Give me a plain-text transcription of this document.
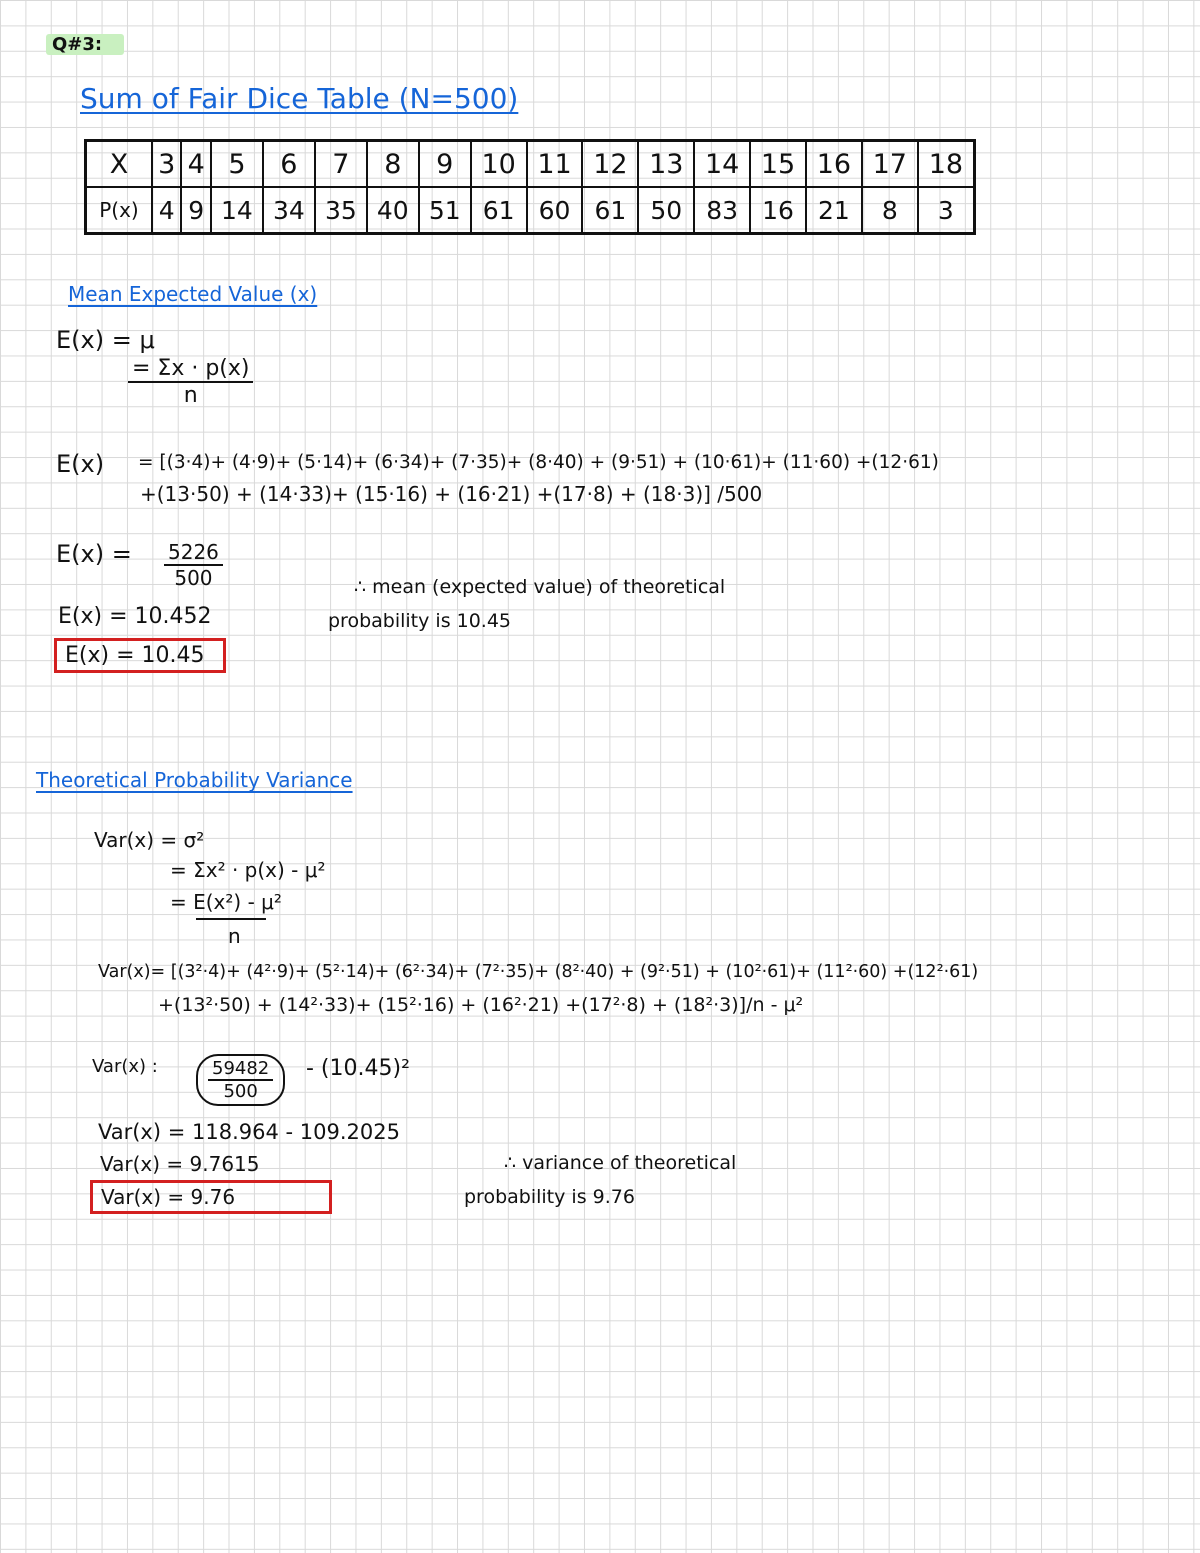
Q#3:
Sum of Fair Dice Table (N=500)
X	3	4	5	6	7	8	9	10	11	12	13	14	15	16	17	18
P(x)	4	9	14	34	35	40	51	61	60	61	50	83	16	21	8	3
Mean Expected Value (x)
E(x) = μ
$\frac{= \Sigma x \cdot p(x)}{n}$
E(x) = [(3·4)+ (4·9)+ (5·14)+ (6·34)+ (7·35)+ (8·40) + (9·51) + (10·61)+ (11·60) +(12·61)
+(13·50) + (14·33)+ (15·16) + (16·21) +(17·8) + (18·3)] /500
$E(x) = \frac{5226}{500}$
E(x) = 10.452
E(x) = 10.45
∴ mean (expected value) of theoretical
probability is 10.45
Theoretical Probability Variance
Var(x) = σ²
= Σx² · p(x) - μ²
= E(x²) - μ²
n
Var(x)= [(3²·4)+ (4²·9)+ (5²·14)+ (6²·34)+ (7²·35)+ (8²·40) + (9²·51) + (10²·61)+ (11²·60) +(12²·61)
+(13²·50) + (14²·33)+ (15²·16) + (16²·21) +(17²·8) + (18²·3)]/n - μ²
Var(x) :	$\frac{59482}{500} - (10.45)^2$
Var(x) = 118.964 - 109.2025
Var(x) = 9.7615
Var(x) = 9.76
∴ variance of theoretical
probability is 9.76
